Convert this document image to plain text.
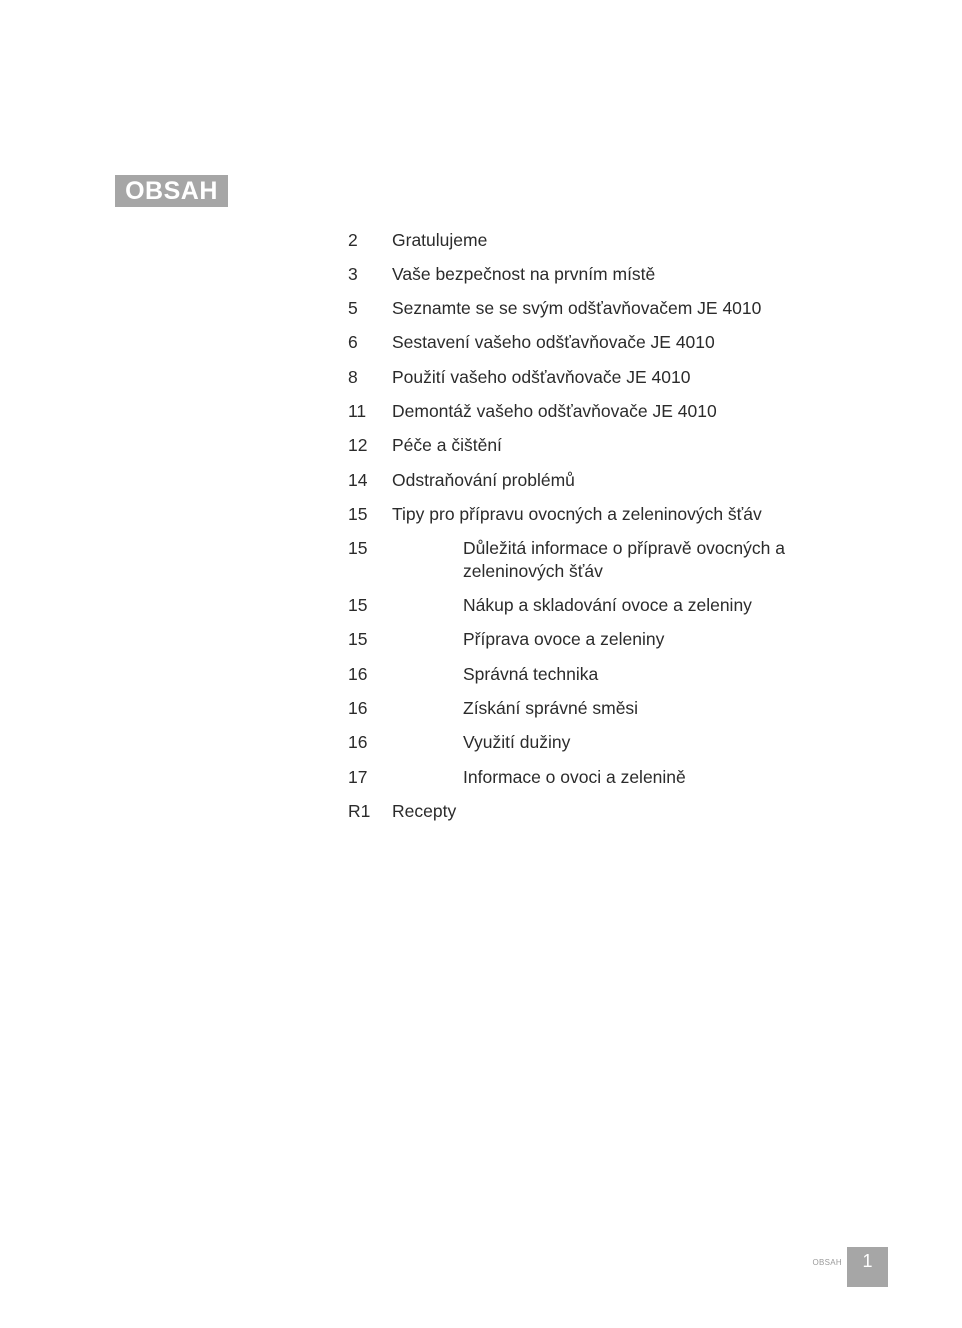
OBSAH
2 Gratulujeme
3 Vaše bezpečnost na prvním místě
5 Seznamte se se svým odšťavňovačem JE 4010
6 Sestavení vašeho odšťavňovače JE 4010
8 Použití vašeho odšťavňovače JE 4010
11 Demontáž vašeho odšťavňovače JE 4010
12 Péče a čištění
14 Odstraňování problémů
15 Tipy pro přípravu ovocných a zeleninových šťáv
15	Důležitá informace o přípravě ovocných a zeleninových šťáv
15	Nákup a skladování ovoce a zeleniny
15	Příprava ovoce a zeleniny
16	Správná technika
16	Získání správné směsi
16	Využití dužiny
17	Informace o ovoci a zelenině
R1 Recepty
OBSAH	1
